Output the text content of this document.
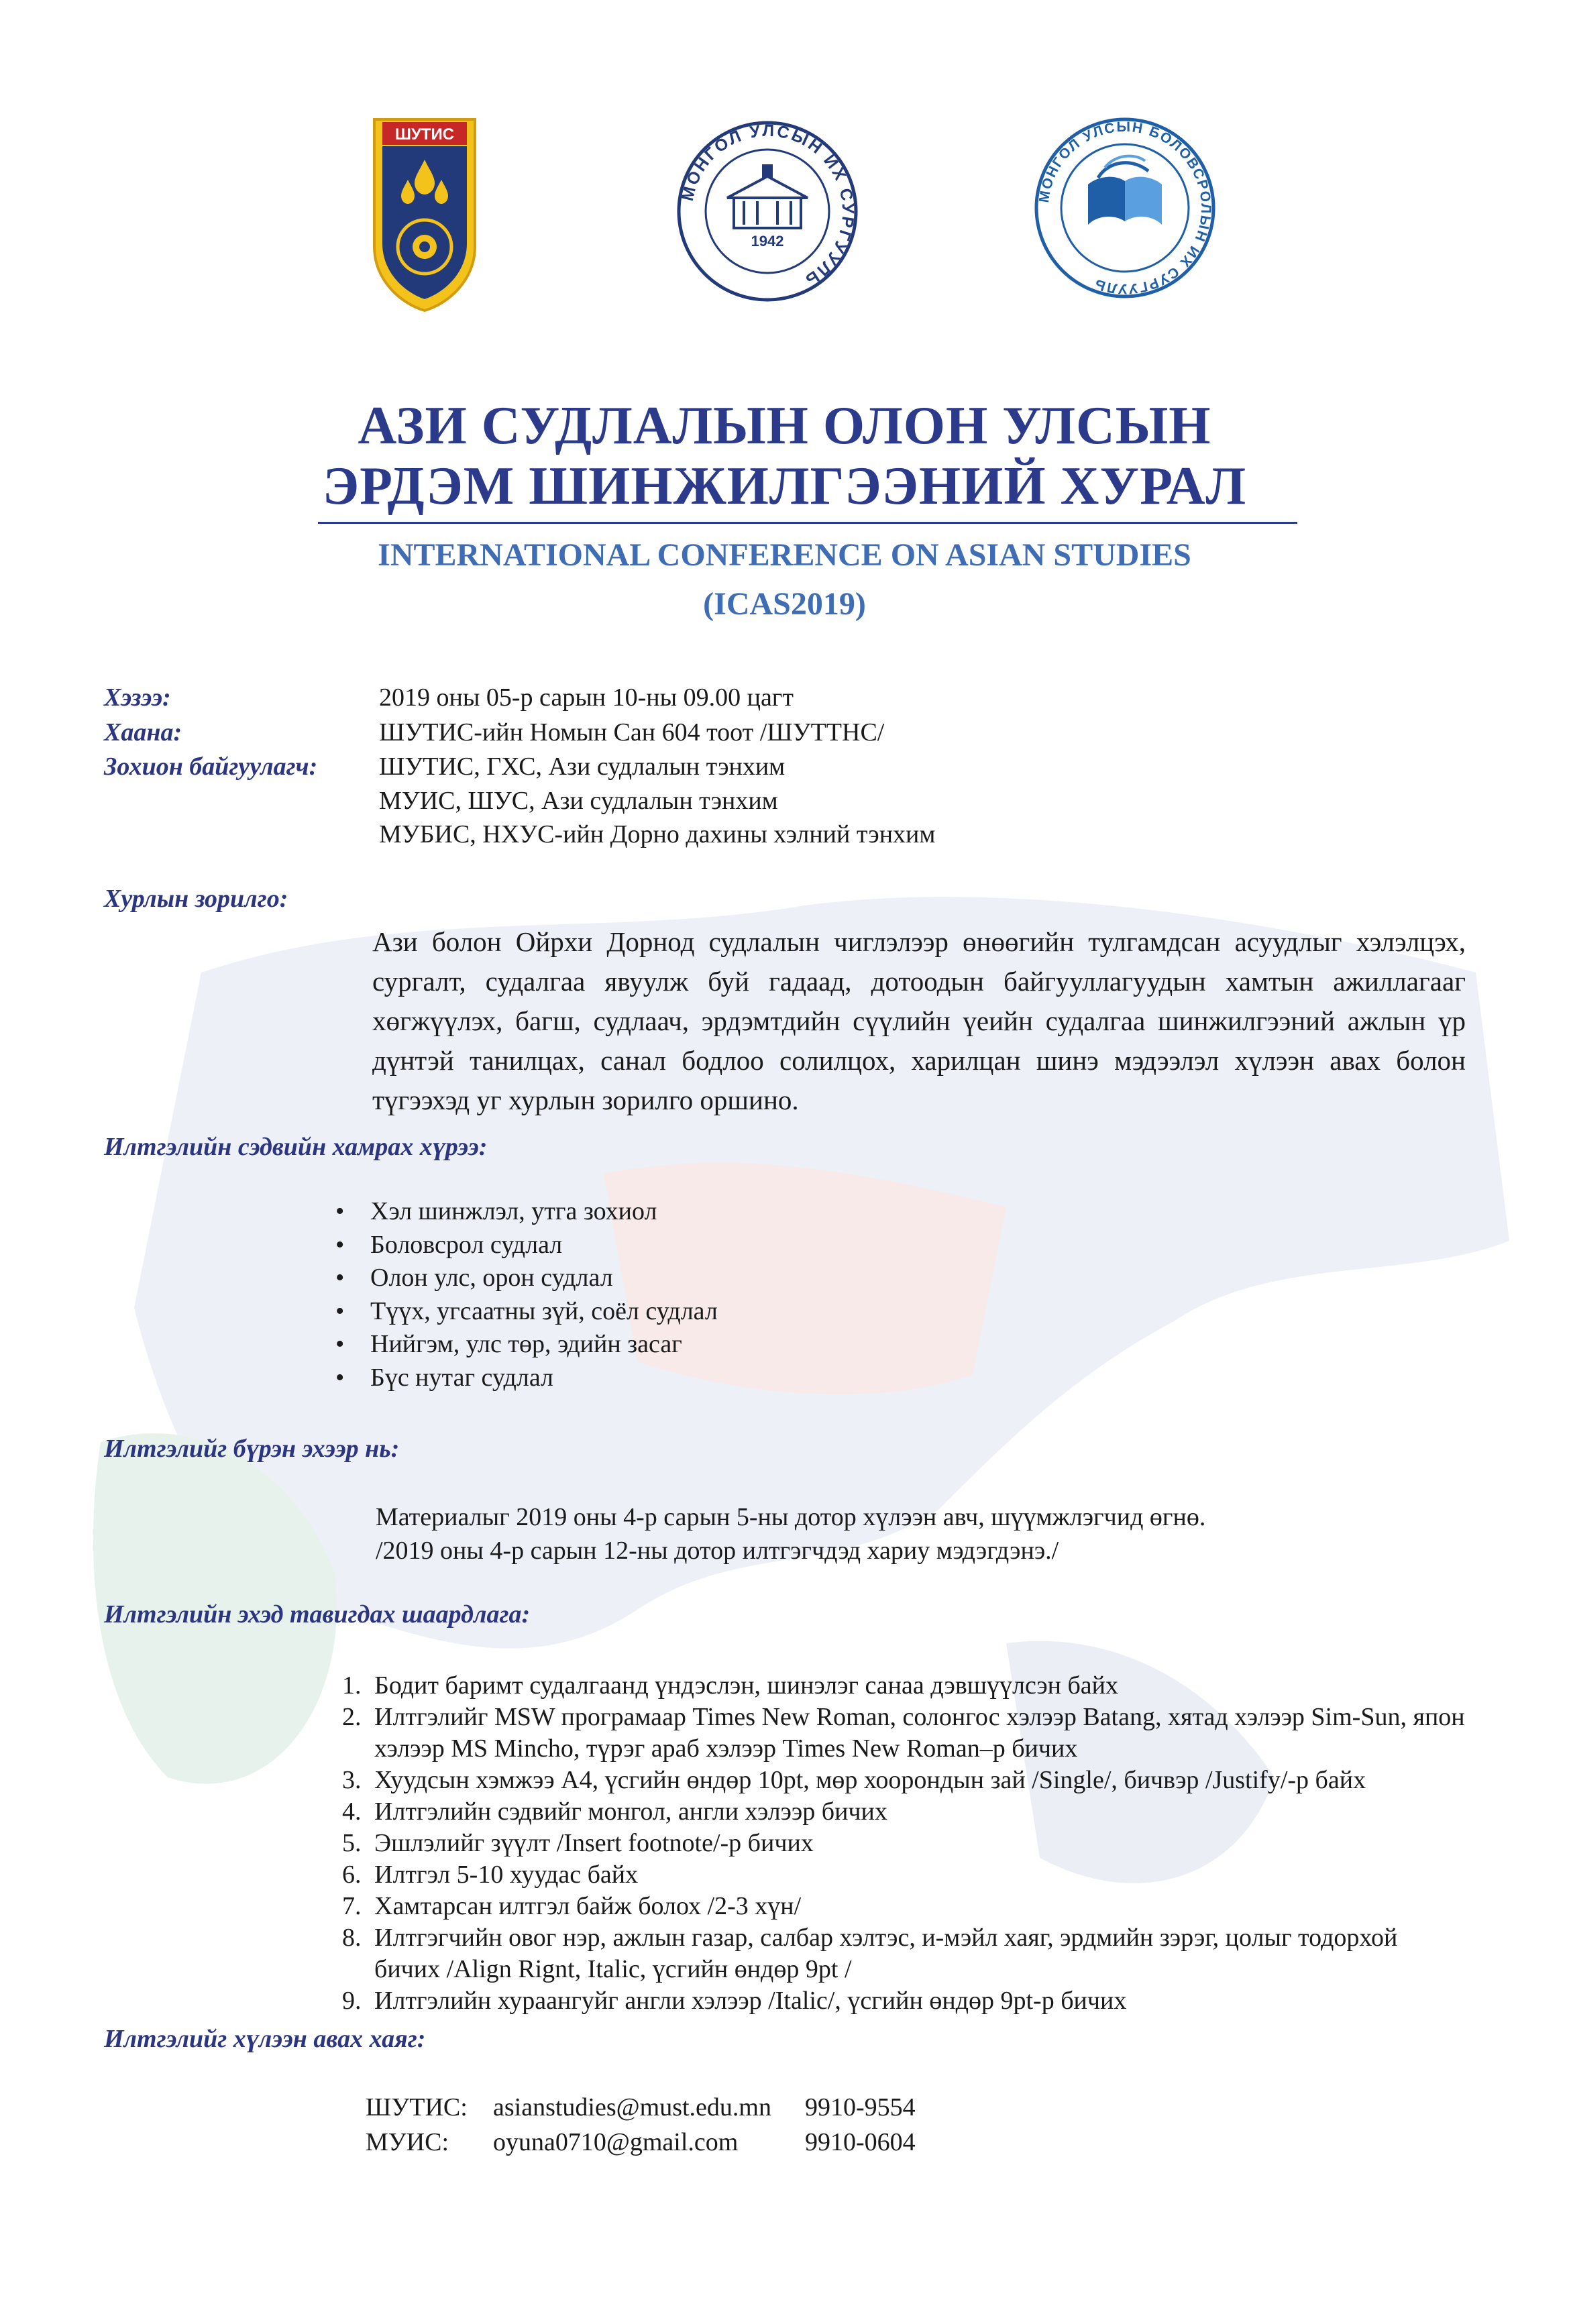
ШУТИС
МОНГОЛ УЛСЫН ИХ СУРГУУЛЬ
1942
МОНГОЛ УЛСЫН БОЛОВСРОЛЫН ИХ СУРГУУЛЬ
АЗИ СУДЛАЛЫН ОЛОН УЛСЫН
ЭРДЭМ ШИНЖИЛГЭЭНИЙ ХУРАЛ
INTERNATIONAL CONFERENCE ON ASIAN STUDIES
(ICAS2019)
Хэзээ:	2019 оны 05-р сарын 10-ны 09.00 цагт
Хаана:	ШУТИС-ийн Номын Сан 604 тоот /ШУТТНС/
Зохион байгуулагч: ШУТИС, ГХС, Ази судлалын тэнхим
МУИС, ШУС, Ази судлалын тэнхим
МУБИС, НХУС-ийн Дорно дахины хэлний тэнхим
Хурлын зорилго:
Ази болон Ойрхи Дорнод судлалын чиглэлээр өнөөгийн тулгамдсан асуудлыг хэлэлцэх, сургалт, судалгаа явуулж буй гадаад, дотоодын байгууллагуудын хамтын ажиллагааг хөгжүүлэх, багш, судлаач, эрдэмтдийн сүүлийн үеийн судалгаа шинжилгээний ажлын үр дүнтэй танилцах, санал бодлоо солилцох, харилцан шинэ мэдээлэл хүлээн авах болон түгээхэд уг хурлын зорилго оршино.
Илтгэлийн сэдвийн хамрах хүрээ:
• Хэл шинжлэл, утга зохиол
• Боловсрол судлал
• Олон улс, орон судлал
• Түүх, угсаатны зүй, соёл судлал
• Нийгэм, улс төр, эдийн засаг
• Бүс нутаг судлал
Илтгэлийг бүрэн эхээр нь:
Материалыг 2019 оны 4-р сарын 5-ны дотор хүлээн авч, шүүмжлэгчид өгнө.
/2019 оны 4-р сарын 12-ны дотор илтгэгчдэд хариу мэдэгдэнэ./
Илтгэлийн эхэд тавигдах шаардлага:
1. Бодит баримт судалгаанд үндэслэн, шинэлэг санаа дэвшүүлсэн байх
2. Илтгэлийг MSW програмаар Times New Roman, солонгос хэлээр Batang, хятад хэлээр Sim-Sun, япон хэлээр MS Mincho, түрэг араб хэлээр Times New Roman–р бичих
3. Хуудсын хэмжээ А4, үсгийн өндөр 10pt, мөр хоорондын зай /Single/, бичвэр /Justify/-р байх
4. Илтгэлийн сэдвийг монгол, англи хэлээр бичих
5. Эшлэлийг зүүлт /Insert footnote/-р бичих
6. Илтгэл 5-10 хуудас байх
7. Хамтарсан илтгэл байж болох /2-3 хүн/
8. Илтгэгчийн овог нэр, ажлын газар, салбар хэлтэс, и-мэйл хаяг, эрдмийн зэрэг, цолыг тодорхой бичих /Align Rignt, Italic, үсгийн өндөр 9pt /
9. Илтгэлийн хураангуйг англи хэлээр /Italic/, үсгийн өндөр 9pt-р бичих
Илтгэлийг хүлээн авах хаяг:
ШУТИС: asianstudies@must.edu.mn 9910-9554
МУИС: oyuna0710@gmail.com	9910-0604
